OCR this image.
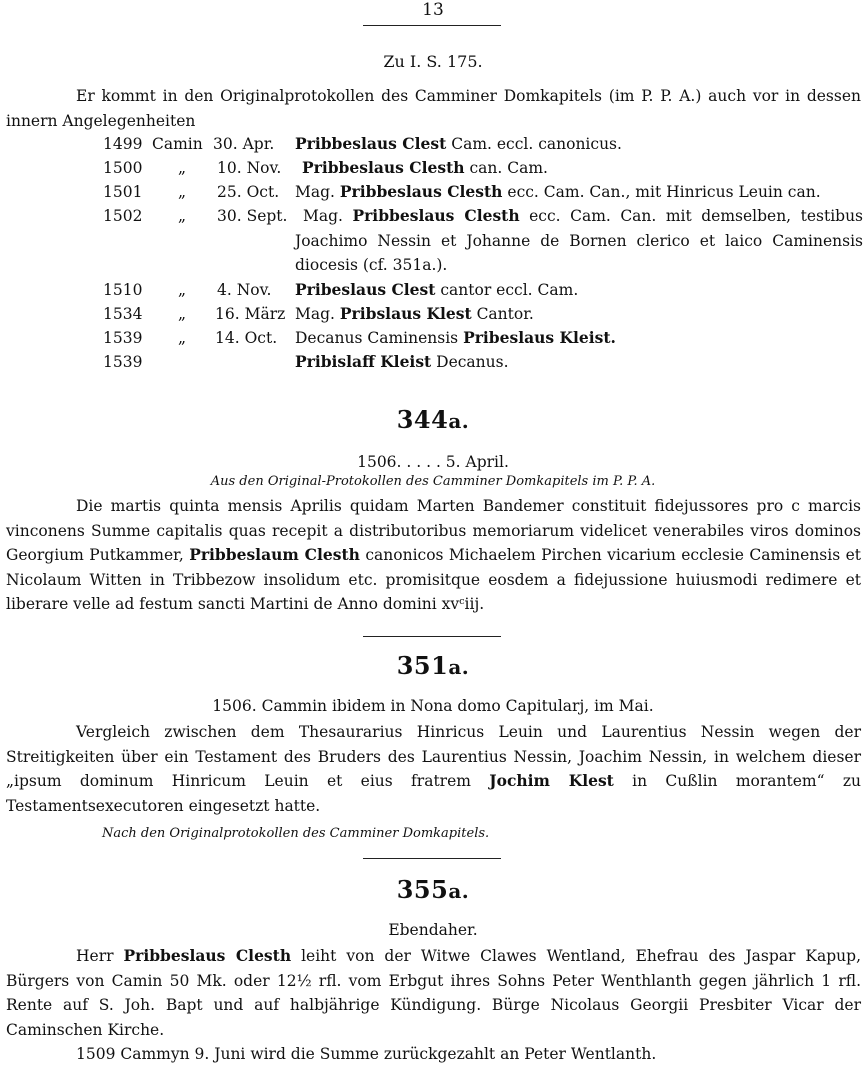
13
Zu I. S. 175.

Er kommt in den Originalprotokollen des Camminer Domkapitels (im P. P. A.) auch vor in dessen innern Angelegenheiten

1499 Camin 30. Apr. Pribbeslaus Clest Cam. eccl. canonicus.
1500 „ 10. Nov. Pribbeslaus Clesth can. Cam.
1501 „ 25. Oct. Mag. Pribbeslaus Clesth ecc. Cam. Can., mit Hinricus Leuin can.
1502 „ 30. Sept.	Mag. Pribbeslaus Clesth ecc. Cam. Can. mit demselben, testibus Joachimo Nessin et Johanne de Bornen clerico et laico Caminensis diocesis (cf. 351a.).
1510 „ 4. Nov. Pribeslaus Clest cantor eccl. Cam.
1534 „ 16. März Mag. Pribslaus Klest Cantor.
1539 „ 14. Oct. Decanus Caminensis Pribeslaus Kleist.
1539	Pribislaff Kleist Decanus.
344a.
1506. . . . . 5. April.
Aus den Original-Protokollen des Camminer Domkapitels im P. P. A.

Die martis quinta mensis Aprilis quidam Marten Bandemer constituit fidejussores pro c marcis vinconens Summe capitalis quas recepit a distributoribus memoriarum videlicet venerabiles viros dominos Georgium Putkammer, Pribbeslaum Clesth canonicos Michaelem Pirchen vicarium ecclesie Caminensis et Nicolaum Witten in Tribbezow insolidum etc. promisitque eosdem a fidejussione huiusmodi redimere et liberare velle ad festum sancti Martini de Anno domini xvᶜiij.

351a.
1506. Cammin ibidem in Nona domo Capitularj, im Mai.

Vergleich zwischen dem Thesaurarius Hinricus Leuin und Laurentius Nessin wegen der Streitigkeiten über ein Testament des Bruders des Laurentius Nessin, Joachim Nessin, in welchem dieser „ipsum dominum Hinricum Leuin et eius fratrem Jochim Klest in Cußlin morantem“ zu Testamentsexecutoren eingesetzt hatte.

Nach den Originalprotokollen des Camminer Domkapitels.
355a.
Ebendaher.

Herr Pribbeslaus Clesth leiht von der Witwe Clawes Wentland, Ehefrau des Jaspar Kapup, Bürgers von Camin 50 Mk. oder 12½ rfl. vom Erbgut ihres Sohns Peter Wenthlanth gegen jährlich 1 rfl. Rente auf S. Joh. Bapt und auf halbjährige Kündigung. Bürge Nicolaus Georgii Presbiter Vicar der Caminschen Kirche.

1509 Cammyn 9. Juni wird die Summe zurückgezahlt an Peter Wentlanth.
